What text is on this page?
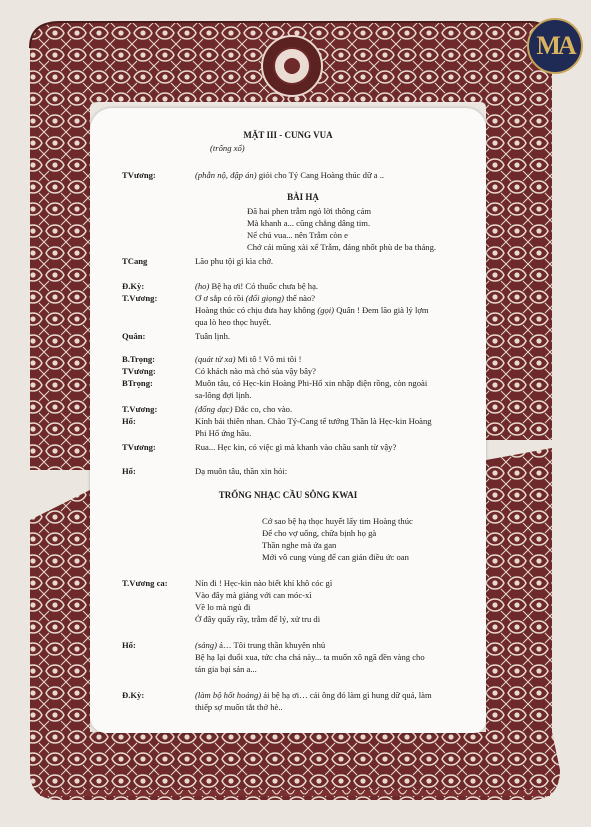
MA
MẶT III - CUNG VUA
(trống xổ)
TVương:	(phẫn nộ, đập án) giỏi cho Tý Cang Hoàng thúc dữ a ..
BÀI HẠ
Đã hai phen trẫm ngỏ lời thông cảm
Mà khanh a... cũng chẳng dâng tim.
Nể chú vua... nên Trẫm còn e
Chớ cái mũng xài xể Trẫm, đáng nhốt phù de ba tháng.
TCang	Lão phu tội gì kìa chớ.
Đ.Kỳ:	(ho) Bệ hạ ơi! Có thuốc chưa bệ hạ.
T.Vương:	Ơ ơ sắp có rồi (đổi giọng) thế nào?
Hoàng thúc có chịu đưa hay không (gọi) Quân ! Đem lão già lý lợm
qua lò heo thọc huyết.
Quân:	Tuân lịnh.
B.Trọng:	(quát từ xa) Mi tô ! Vô mi tôi !
TVương:	Có khách nào mà chó sủa vậy bây?
BTrọng:	Muôn tâu, có Hẹc-kin Hoàng Phi-Hổ xin nhập điện rồng, còn ngoài
sa-lông đợi lịnh.
T.Vương:	(đổng dạc) Đắc co, cho vào.
Hổ:	Kính bái thiên nhan. Chào Tý-Cang tể tướng Thần là Hẹc-kin Hoàng
Phi Hổ ứng hầu.
TVương:	Rua... Hẹc kin, có việc gì mà khanh vào chầu sanh từ vậy?
Hổ:	Dạ muôn tâu, thần xin hỏi:
TRỐNG NHẠC CẦU SÔNG KWAI
Cớ sao bệ hạ thọc huyết lấy tim Hoàng thúc
Để cho vợ uống, chữa bịnh họ gà
Thần nghe mà ứa gan
Mới vô cung vùng để can gián điều ức oan
T.Vương ca:	Nín đi ! Hẹc-kin nào biết khỉ khô cóc gì
Vào đây mà giảng với can móc-xì
Về lo mà ngủ đi
Ở đây quấy rầy, trẫm để lý, xử tru di
Hổ:	(sảng) á… Tôi trung thần khuyên nhủ
Bệ hạ lại đuổi xua, tức cha chả này... ta muốn xô ngã đền vàng cho
tán gia bại sản a...
Đ.Kỳ:	(làm bộ hốt hoảng) ái bệ hạ ơi… cái ông đó làm gì hung dữ quá, làm
thiếp sợ muốn tắt thở hè..
